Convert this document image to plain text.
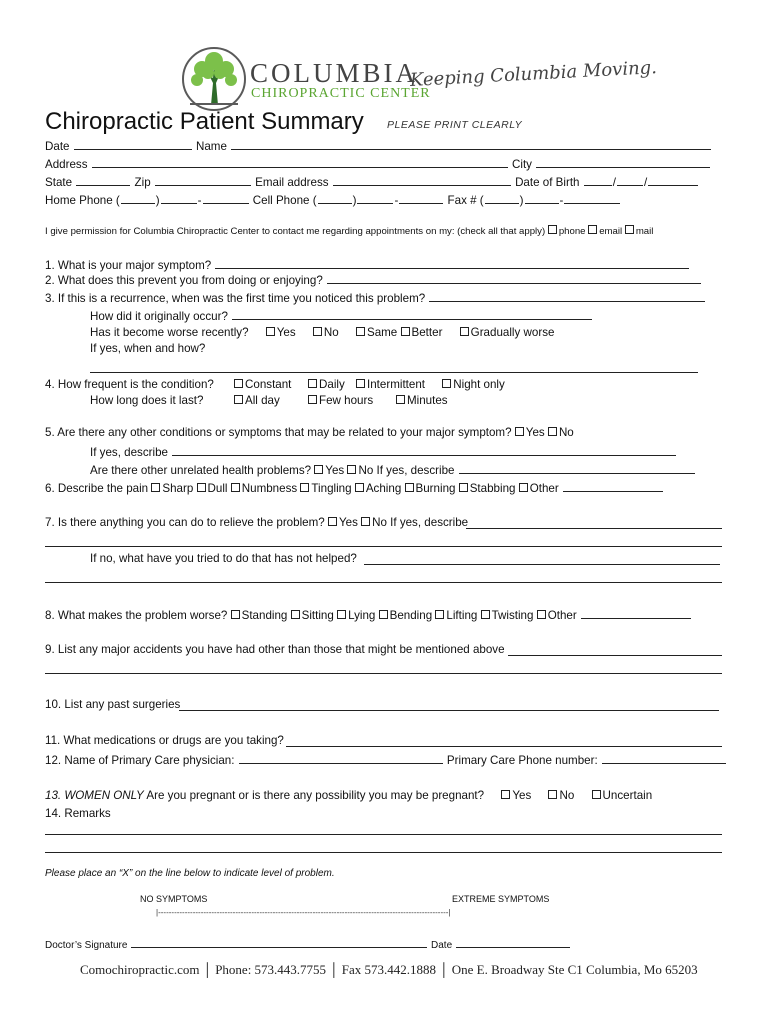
COLUMBIA
CHIROPRACTIC CENTER
Keeping Columbia Moving.
Chiropractic Patient Summary PLEASE PRINT CLEARLY
Date	Name
Address	City
State	Zip	Email address	Date of Birth	/ /
Home Phone (	)	-	Cell Phone (	)	-	Fax # (	)	-
I give permission for Columbia Chiropractic Center to contact me regarding appointments on my: (check all that apply) phone email mail
1. What is your major symptom?
2. What does this prevent you from doing or enjoying?
3. If this is a recurrence, when was the first time you noticed this problem?
How did it originally occur?
Has it become worse recently? Yes No Same Better Gradually worse
If yes, when and how?
4. How frequent is the condition?	Constant	Daily Intermittent Night only
How long does it last?	All day	Few hours	Minutes
5. Are there any other conditions or symptoms that may be related to your major symptom? Yes No
If yes, describe
Are there other unrelated health problems? Yes No If yes, describe
6. Describe the pain Sharp Dull Numbness Tingling Aching Burning Stabbing Other
7. Is there anything you can do to relieve the problem? Yes No If yes, describe
If no, what have you tried to do that has not helped?
8. What makes the problem worse? Standing Sitting Lying Bending Lifting Twisting Other
9. List any major accidents you have had other than those that might be mentioned above
10. List any past surgeries
11. What medications or drugs are you taking?
12. Name of Primary Care physician:	Primary Care Phone number:
13. WOMEN ONLY Are you pregnant or is there any possibility you may be pregnant? Yes No Uncertain
14. Remarks
Please place an “X” on the line below to indicate level of problem.
NO SYMPTOMS	EXTREME SYMPTOMS
|-------------------------------------------------------------------------------------------------------------|
Doctor’s Signature	Date
Comochiropractic.com │ Phone: 573.443.7755 │ Fax 573.442.1888 │ One E. Broadway Ste C1 Columbia, Mo 65203
